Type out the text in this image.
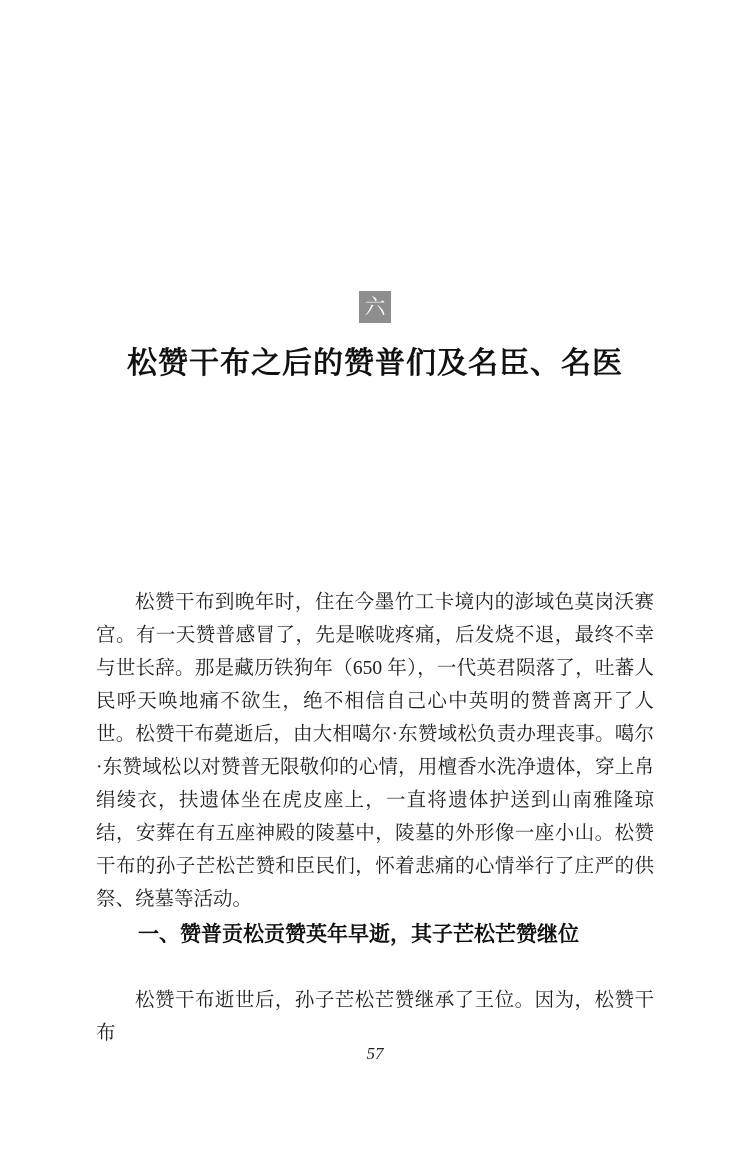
六
松赞干布之后的赞普们及名臣、名医

松赞干布到晚年时，住在今墨竹工卡境内的澎域色莫岗沃赛宫。有一天赞普感冒了，先是喉咙疼痛，后发烧不退，最终不幸与世长辞。那是藏历铁狗年（650 年），一代英君陨落了，吐蕃人民呼天唤地痛不欲生，绝不相信自己心中英明的赞普离开了人世。松赞干布薨逝后，由大相噶尔·东赞域松负责办理丧事。噶尔·东赞域松以对赞普无限敬仰的心情，用檀香水洗净遗体，穿上帛绢绫衣，扶遗体坐在虎皮座上，一直将遗体护送到山南雅隆琼结，安葬在有五座神殿的陵墓中，陵墓的外形像一座小山。松赞干布的孙子芒松芒赞和臣民们，怀着悲痛的心情举行了庄严的供祭、绕墓等活动。

一、赞普贡松贡赞英年早逝，其子芒松芒赞继位

松赞干布逝世后，孙子芒松芒赞继承了王位。因为，松赞干布

57
